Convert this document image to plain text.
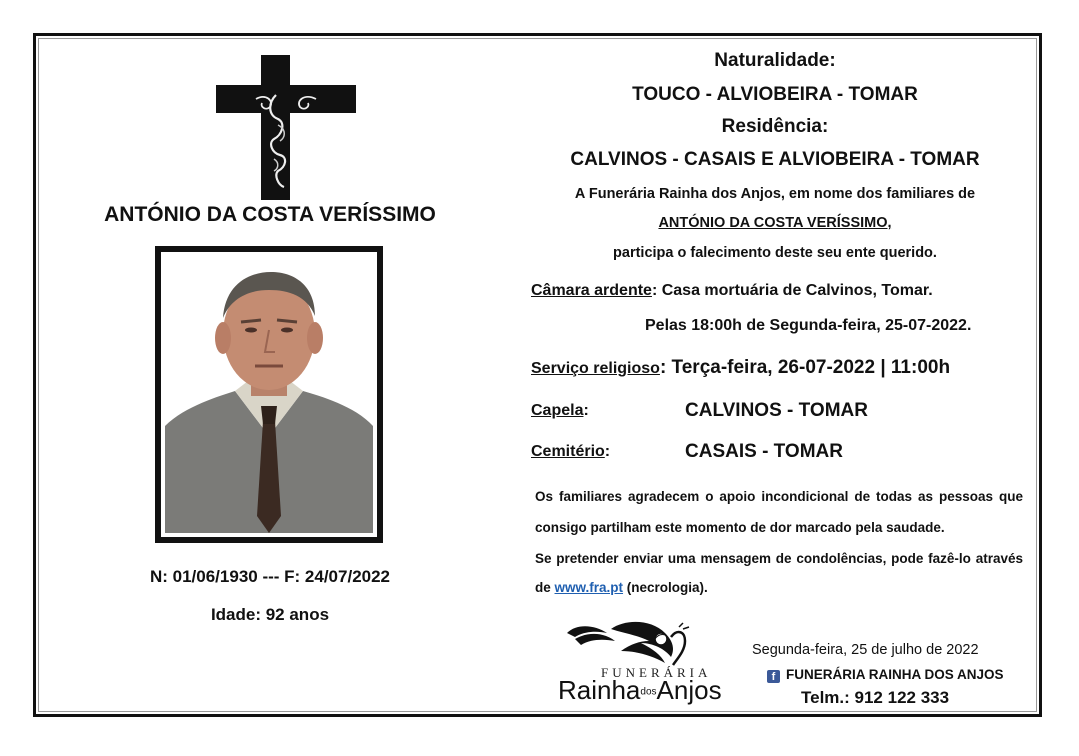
ANTÓNIO DA COSTA VERÍSSIMO
N: 01/06/1930 --- F: 24/07/2022
Idade: 92 anos
Naturalidade:
TOUCO - ALVIOBEIRA - TOMAR
Residência:
CALVINOS - CASAIS E ALVIOBEIRA - TOMAR
A Funerária Rainha dos Anjos, em nome dos familiares de
ANTÓNIO DA COSTA VERÍSSIMO,
participa o falecimento deste seu ente querido.
Câmara ardente: Casa mortuária de Calvinos, Tomar.
Pelas 18:00h de Segunda-feira, 25-07-2022.
Serviço religioso: Terça-feira, 26-07-2022 | 11:00h
Capela:	CALVINOS - TOMAR
Cemitério:	CASAIS - TOMAR
Os familiares agradecem o apoio incondicional de todas as pessoas que consigo partilham este momento de dor marcado pela saudade.
Se pretender enviar uma mensagem de condolências, pode fazê-lo através de www.fra.pt (necrologia).
FUNERÁRIA
RainhadosAnjos
Segunda-feira, 25 de julho de 2022
f FUNERÁRIA RAINHA DOS ANJOS
Telm.: 912 122 333
